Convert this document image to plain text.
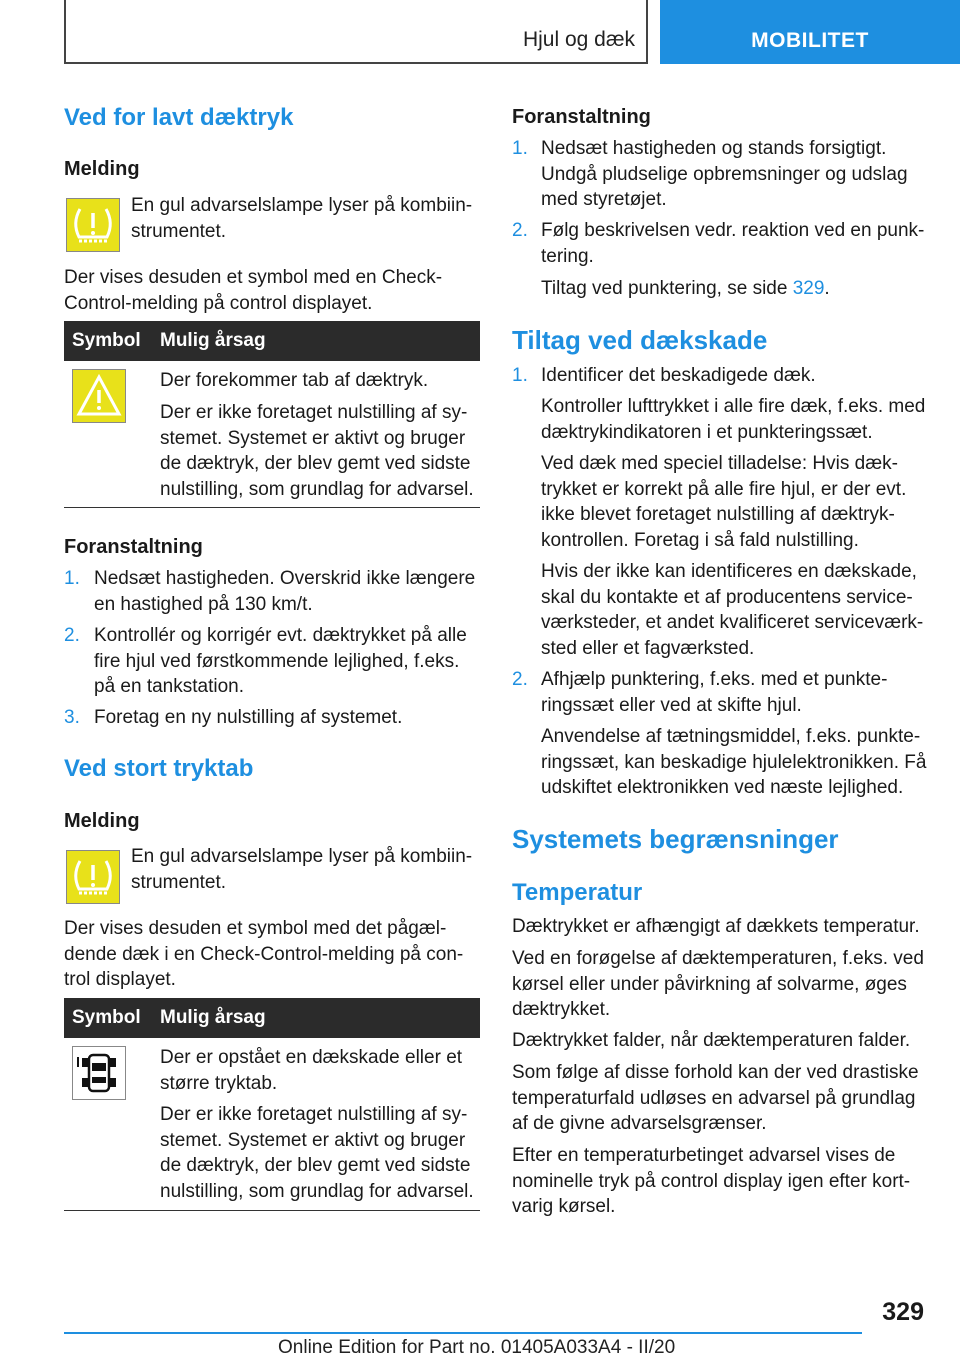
Hjul og dæk	MOBILITET
Ved for lavt dæktryk
Melding
En gul advarselslampe lyser på kombiin-
strumentet.
Der vises desuden et symbol med en Check-
Control-melding på control displayet.
Symbol Mulig årsag
Der forekommer tab af dæktryk.
Der er ikke foretaget nulstilling af sy-
stemet. Systemet er aktivt og bruger
de dæktryk, der blev gemt ved sidste
nulstilling, som grundlag for advarsel.
Foranstaltning
1. Nedsæt hastigheden. Overskrid ikke længere
en hastighed på 130 km/t.
2. Kontrollér og korrigér evt. dæktrykket på alle
fire hjul ved førstkommende lejlighed, f.eks.
på en tankstation.
3. Foretag en ny nulstilling af systemet.
Ved stort tryktab
Melding
En gul advarselslampe lyser på kombiin-
strumentet.
Der vises desuden et symbol med det pågæl-
dende dæk i en Check-Control-melding på con-
trol displayet.
Symbol Mulig årsag
Der er opstået en dækskade eller et
større tryktab.
Der er ikke foretaget nulstilling af sy-
stemet. Systemet er aktivt og bruger
de dæktryk, der blev gemt ved sidste
nulstilling, som grundlag for advarsel.
Foranstaltning
1. Nedsæt hastigheden og stands forsigtigt.
Undgå pludselige opbremsninger og udslag
med styretøjet.
2. Følg beskrivelsen vedr. reaktion ved en punk-
tering.
Tiltag ved punktering, se side 329.
Tiltag ved dækskade
1. Identificer det beskadigede dæk.
Kontroller lufttrykket i alle fire dæk, f.eks. med
dæktrykindikatoren i et punkteringssæt.
Ved dæk med speciel tilladelse: Hvis dæk-
trykket er korrekt på alle fire hjul, er der evt.
ikke blevet foretaget nulstilling af dæktryk-
kontrollen. Foretag i så fald nulstilling.
Hvis der ikke kan identificeres en dækskade,
skal du kontakte et af producentens service-
værksteder, et andet kvalificeret serviceværk-
sted eller et fagværksted.
2. Afhjælp punktering, f.eks. med et punkte-
ringssæt eller ved at skifte hjul.
Anvendelse af tætningsmiddel, f.eks. punkte-
ringssæt, kan beskadige hjulelektronikken. Få
udskiftet elektronikken ved næste lejlighed.
Systemets begrænsninger
Temperatur
Dæktrykket er afhængigt af dækkets temperatur.
Ved en forøgelse af dæktemperaturen, f.eks. ved
kørsel eller under påvirkning af solvarme, øges
dæktrykket.
Dæktrykket falder, når dæktemperaturen falder.
Som følge af disse forhold kan der ved drastiske
temperaturfald udløses en advarsel på grundlag
af de givne advarselsgrænser.
Efter en temperaturbetinget advarsel vises de
nominelle tryk på control display igen efter kort-
varig kørsel.
329
Online Edition for Part no. 01405A033A4 - II/20
